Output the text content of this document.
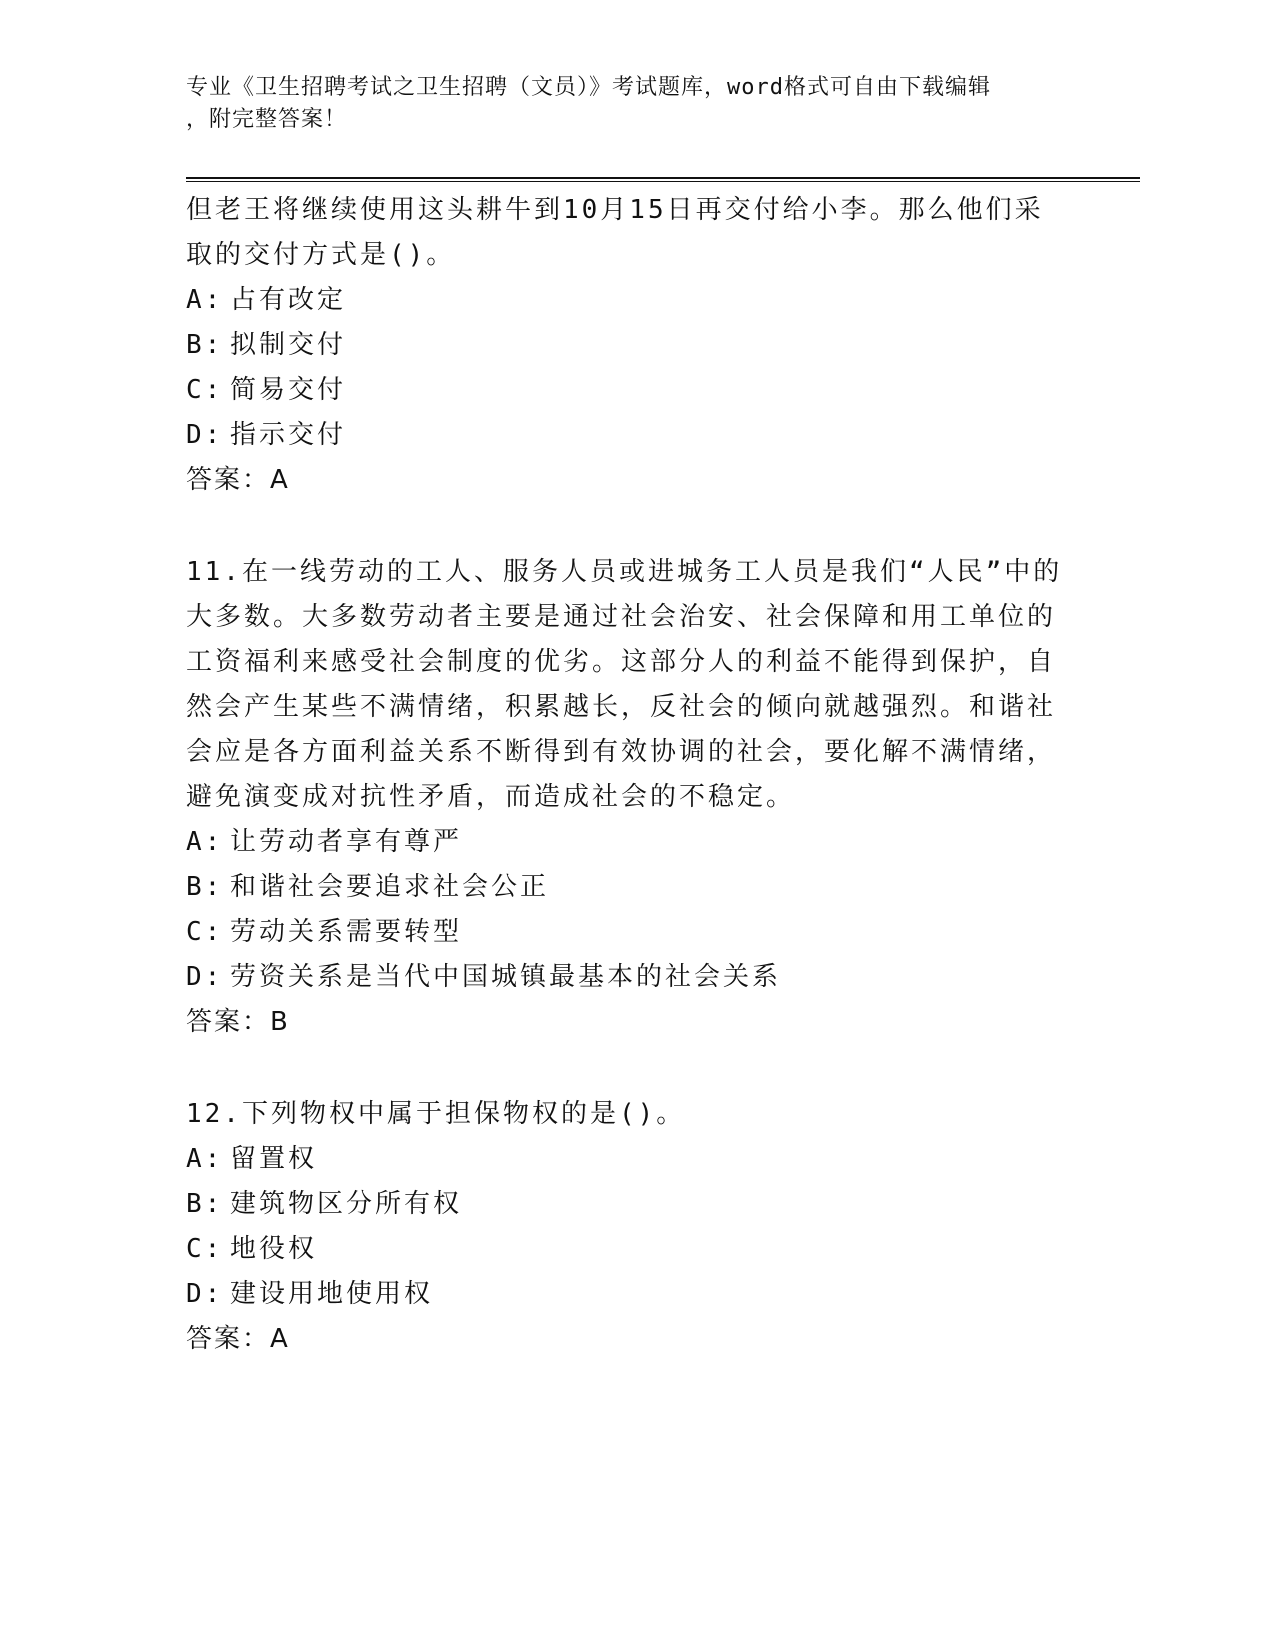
专业《卫生招聘考试之卫生招聘（文员）》考试题库，word格式可自由下载编辑
，附完整答案！
但老王将继续使用这头耕牛到10月15日再交付给小李。那么他们采
取的交付方式是()。
A: 占有改定
B: 拟制交付
C: 简易交付
D: 指示交付
答案：A
11.在一线劳动的工人、服务人员或进城务工人员是我们“人民”中的
大多数。大多数劳动者主要是通过社会治安、社会保障和用工单位的
工资福利来感受社会制度的优劣。这部分人的利益不能得到保护，自
然会产生某些不满情绪，积累越长，反社会的倾向就越强烈。和谐社
会应是各方面利益关系不断得到有效协调的社会，要化解不满情绪，
避免演变成对抗性矛盾，而造成社会的不稳定。
A: 让劳动者享有尊严
B: 和谐社会要追求社会公正
C: 劳动关系需要转型
D: 劳资关系是当代中国城镇最基本的社会关系
答案：B
12.下列物权中属于担保物权的是()。
A: 留置权
B: 建筑物区分所有权
C: 地役权
D: 建设用地使用权
答案：A
